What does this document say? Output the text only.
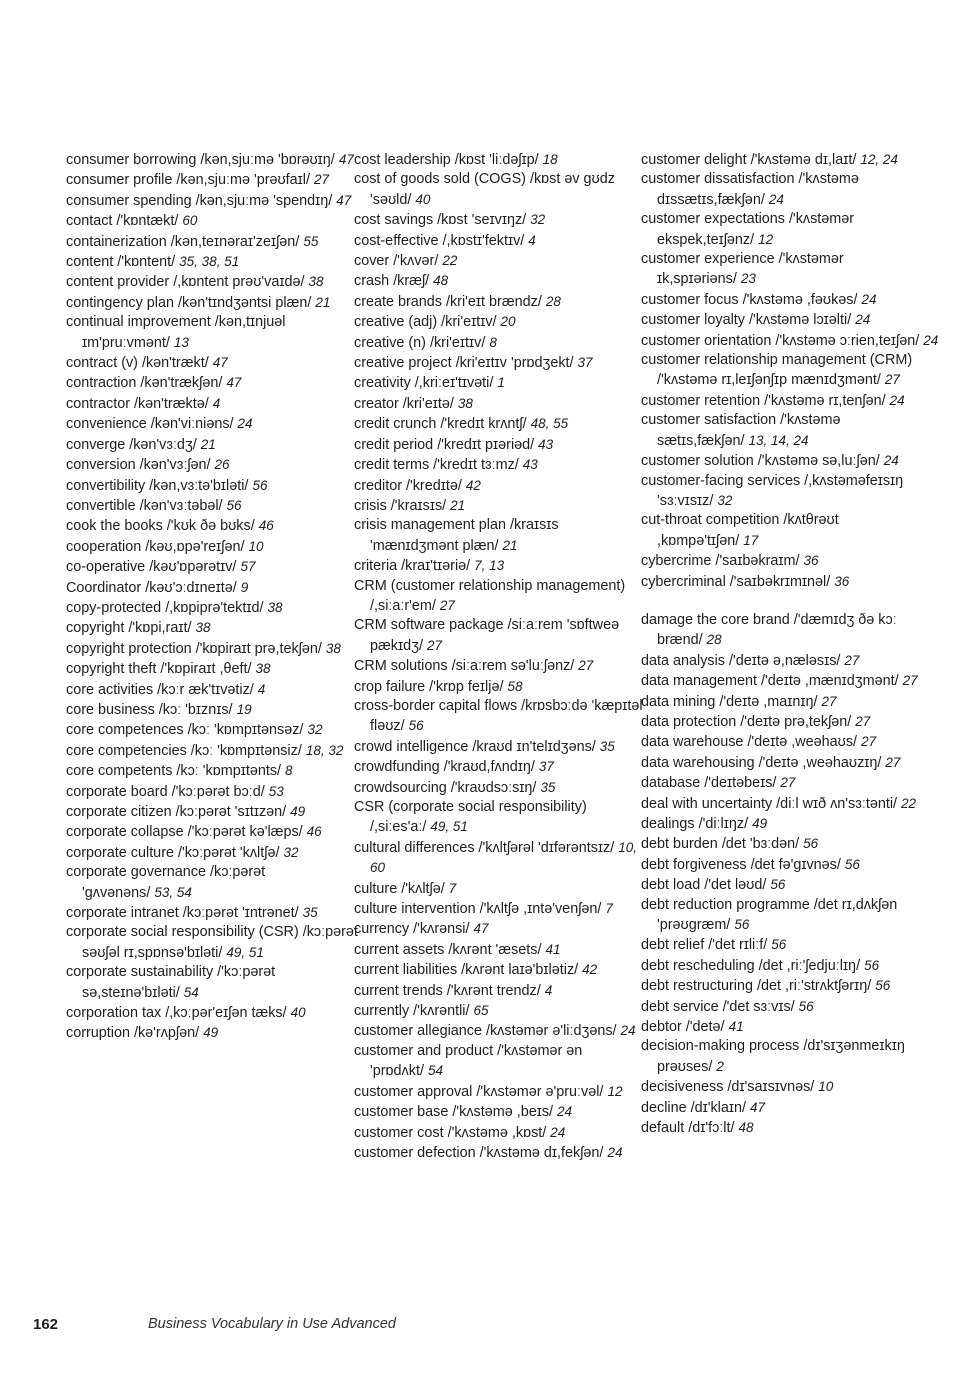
consumer borrowing /kən,sjuːmə 'bɒrəʊɪŋ/ 47

consumer profile /kən,sjuːmə 'prəʊfaɪl/ 27

consumer spending /kən,sjuːmə 'spendɪŋ/ 47

contact /'kɒntækt/ 60

containerization /kən,teɪnəraɪ'zeɪʃən/ 55

content /'kɒntent/ 35, 38, 51

content provider /,kɒntent prəʊ'vaɪdə/ 38

contingency plan /kən'tɪndʒəntsi plæn/ 21

continual improvement /kən,tɪnjuəl ɪm'pruːvmənt/ 13

contract (v) /kən'trækt/ 47

contraction /kən'trækʃən/ 47

contractor /kən'træktə/ 4

convenience /kən'viːniəns/ 24

converge /kən'vɜːdʒ/ 21

conversion /kən'vɜːʃən/ 26

convertibility /kən,vɜːtə'bɪləti/ 56

convertible /kən'vɜːtəbəl/ 56

cook the books /'kʊk ðə bʊks/ 46

cooperation /kəʊ,ɒpə'reɪʃən/ 10

co-operative /kəʊ'ɒpərətɪv/ 57

Coordinator /kəʊ'ɔːdɪneɪtə/ 9

copy-protected /,kɒpiprə'tektɪd/ 38

copyright /'kɒpi,raɪt/ 38

copyright protection /'kɒpiraɪt prə,tekʃən/ 38

copyright theft /'kɒpiraɪt ,θeft/ 38

core activities /kɔːr æk'tɪvətiz/ 4

core business /kɔː 'bɪznɪs/ 19

core competences /kɔː 'kɒmpɪtənsəz/ 32

core competencies /kɔː 'kɒmpɪtənsiz/ 18, 32

core competents /kɔː 'kɒmpɪtənts/ 8

corporate board /'kɔːpərət bɔːd/ 53

corporate citizen /kɔːpərət 'sɪtɪzən/ 49

corporate collapse /'kɔːpərət kə'læps/ 46

corporate culture /'kɔːpərət 'kʌltʃə/ 32

corporate governance /kɔːpərət 'gʌvənəns/ 53, 54

corporate intranet /kɔːpərət 'ɪntrənet/ 35

corporate social responsibility (CSR) /kɔːpərət səʊʃəl rɪ,spɒnsə'bɪləti/ 49, 51

corporate sustainability /'kɔːpərət sə,steɪnə'bɪləti/ 54

corporation tax /,kɔːpər'eɪʃən tæks/ 40

corruption /kə'rʌpʃən/ 49

cost leadership /kɒst 'liːdəʃɪp/ 18

cost of goods sold (COGS) /kɒst əv gʊdz 'səʊld/ 40

cost savings /kɒst 'seɪvɪŋz/ 32

cost-effective /,kɒstɪ'fektɪv/ 4

cover /'kʌvər/ 22

crash /kræʃ/ 48

create brands /kri'eɪt brændz/ 28

creative (adj) /kri'eɪtɪv/ 20

creative (n) /kri'eɪtɪv/ 8

creative project /kri'eɪtɪv 'prɒdʒekt/ 37

creativity /,kriːeɪ'tɪvəti/ 1

creator /kri'eɪtə/ 38

credit crunch /'kredɪt krʌntʃ/ 48, 55

credit period /'kredɪt pɪəriəd/ 43

credit terms /'kredɪt tɜːmz/ 43

creditor /'kredɪtə/ 42

crisis /'kraɪsɪs/ 21

crisis management plan /kraɪsɪs 'mænɪdʒmənt plæn/ 21

criteria /kraɪ'tɪəriə/ 7, 13

CRM (customer relationship management) /,siːaːr'em/ 27

CRM software package /siːaːrem 'sɒftweə pækɪdʒ/ 27

CRM solutions /siːaːrem sə'luːʃənz/ 27

crop failure /'krɒp feɪljə/ 58

cross-border capital flows /krɒsbɔːdə 'kæpɪtəl fləʊz/ 56

crowd intelligence /kraʊd ɪn'telɪdʒəns/ 35

crowdfunding /'kraʊd,fʌndɪŋ/ 37

crowdsourcing /'kraʊdsɔːsɪŋ/ 35

CSR (corporate social responsibility) /,siːes'aː/ 49, 51

cultural differences /'kʌltʃərəl 'dɪfərəntsɪz/ 10, 60

culture /'kʌltʃə/ 7

culture intervention /'kʌltʃə ,ɪntə'venʃən/ 7

currency /'kʌrənsi/ 47

current assets /kʌrənt 'æsets/ 41

current liabilities /kʌrənt laɪə'bɪlətiz/ 42

current trends /'kʌrənt trendz/ 4

currently /'kʌrəntli/ 65

customer allegiance /kʌstəmər ə'liːdʒəns/ 24

customer and product /'kʌstəmər ən 'prɒdʌkt/ 54

customer approval /'kʌstəmər ə'pruːvəl/ 12

customer base /'kʌstəmə ,beɪs/ 24

customer cost /'kʌstəmə ,kɒst/ 24

customer defection /'kʌstəmə dɪ,fekʃən/ 24

customer delight /'kʌstəmə dɪ,laɪt/ 12, 24

customer dissatisfaction /'kʌstəmə dɪssætɪs,fækʃən/ 24

customer expectations /'kʌstəmər ekspek,teɪʃənz/ 12

customer experience /'kʌstəmər ɪk,spɪəriəns/ 23

customer focus /'kʌstəmə ,fəʊkəs/ 24

customer loyalty /'kʌstəmə lɔɪəlti/ 24

customer orientation /'kʌstəmə ɔːrien,teɪʃən/ 24

customer relationship management (CRM) /'kʌstəmə rɪ,leɪʃənʃɪp mænɪdʒmənt/ 27

customer retention /'kʌstəmə rɪ,tenʃən/ 24

customer satisfaction /'kʌstəmə sætɪs,fækʃən/ 13, 14, 24

customer solution /'kʌstəmə sə,luːʃən/ 24

customer-facing services /,kʌstəməfeɪsɪŋ 'sɜːvɪsɪz/ 32

cut-throat competition /kʌtθrəʊt ,kɒmpə'tɪʃən/ 17

cybercrime /'saɪbəkraɪm/ 36

cybercriminal /'saɪbəkrɪmɪnəl/ 36

damage the core brand /'dæmɪdʒ ðə kɔː brænd/ 28

data analysis /'deɪtə ə,næləsɪs/ 27

data management /'deɪtə ,mænɪdʒmənt/ 27

data mining /'deɪtə ,maɪnɪŋ/ 27

data protection /'deɪtə prə,tekʃən/ 27

data warehouse /'deɪtə ,weəhaʊs/ 27

data warehousing /'deɪtə ,weəhaʊzɪŋ/ 27

database /'deɪtəbeɪs/ 27

deal with uncertainty /diːl wɪð ʌn'sɜːtənti/ 22

dealings /'diːlɪŋz/ 49

debt burden /det 'bɜːdən/ 56

debt forgiveness /det fə'gɪvnəs/ 56

debt load /'det ləʊd/ 56

debt reduction programme /det rɪ,dʌkʃən 'prəʊgræm/ 56

debt relief /'det rɪliːf/ 56

debt rescheduling /det ,riː'ʃedjuːlɪŋ/ 56

debt restructuring /det ,riː'strʌktʃərɪŋ/ 56

debt service /'det sɜːvɪs/ 56

debtor /'detə/ 41

decision-making process /dɪ'sɪʒənmeɪkɪŋ prəʊses/ 2

decisiveness /dɪ'saɪsɪvnəs/ 10

decline /dɪ'klaɪn/ 47

default /dɪ'fɔːlt/ 48

162	Business Vocabulary in Use Advanced
